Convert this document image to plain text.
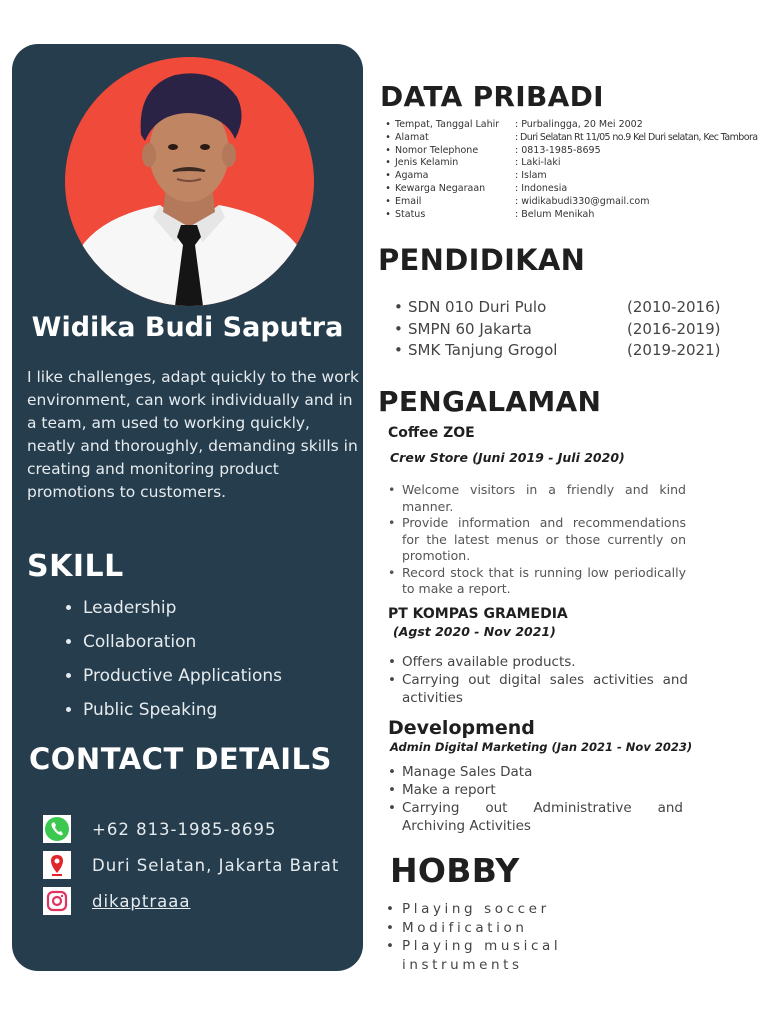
Widika Budi Saputra
I like challenges, adapt quickly to the work environment, can work individually and in a team, am used to working quickly, neatly and thoroughly, demanding skills in creating and monitoring product promotions to customers.
SKILL
• Leadership
• Collaboration
• Productive Applications
• Public Speaking
CONTACT DETAILS
+62 813-1985-8695
Duri Selatan, Jakarta Barat
dikaptraaa
DATA PRIBADI
• Tempat, Tanggal Lahir	: Purbalingga, 20 Mei 2002
• Alamat	: Duri Selatan Rt 11/05 no.9 Kel Duri selatan, Kec Tambora
• Nomor Telephone	: 0813-1985-8695
• Jenis Kelamin	: Laki-laki
• Agama	: Islam
• Kewarga Negaraan	: Indonesia
• Email	: widikabudi330@gmail.com
• Status	: Belum Menikah
PENDIDIKAN
• SDN 010 Duri Pulo	(2010-2016)
• SMPN 60 Jakarta	(2016-2019)
• SMK Tanjung Grogol	(2019-2021)
PENGALAMAN
Coffee ZOE
Crew Store (Juni 2019 - Juli 2020)
• Welcome visitors in a friendly and kind manner.
• Provide information and recommendations for the latest menus or those currently on promotion.
• Record stock that is running low periodically to make a report.
PT KOMPAS GRAMEDIA
(Agst 2020 - Nov 2021)
• Offers available products.
• Carrying out digital sales activities and activities
Developmend
Admin Digital Marketing (Jan 2021 - Nov 2023)
• Manage Sales Data
• Make a report
• Carrying out Administrative and Archiving Activities
HOBBY
• Playing soccer
• Modification
• Playing musical instruments
